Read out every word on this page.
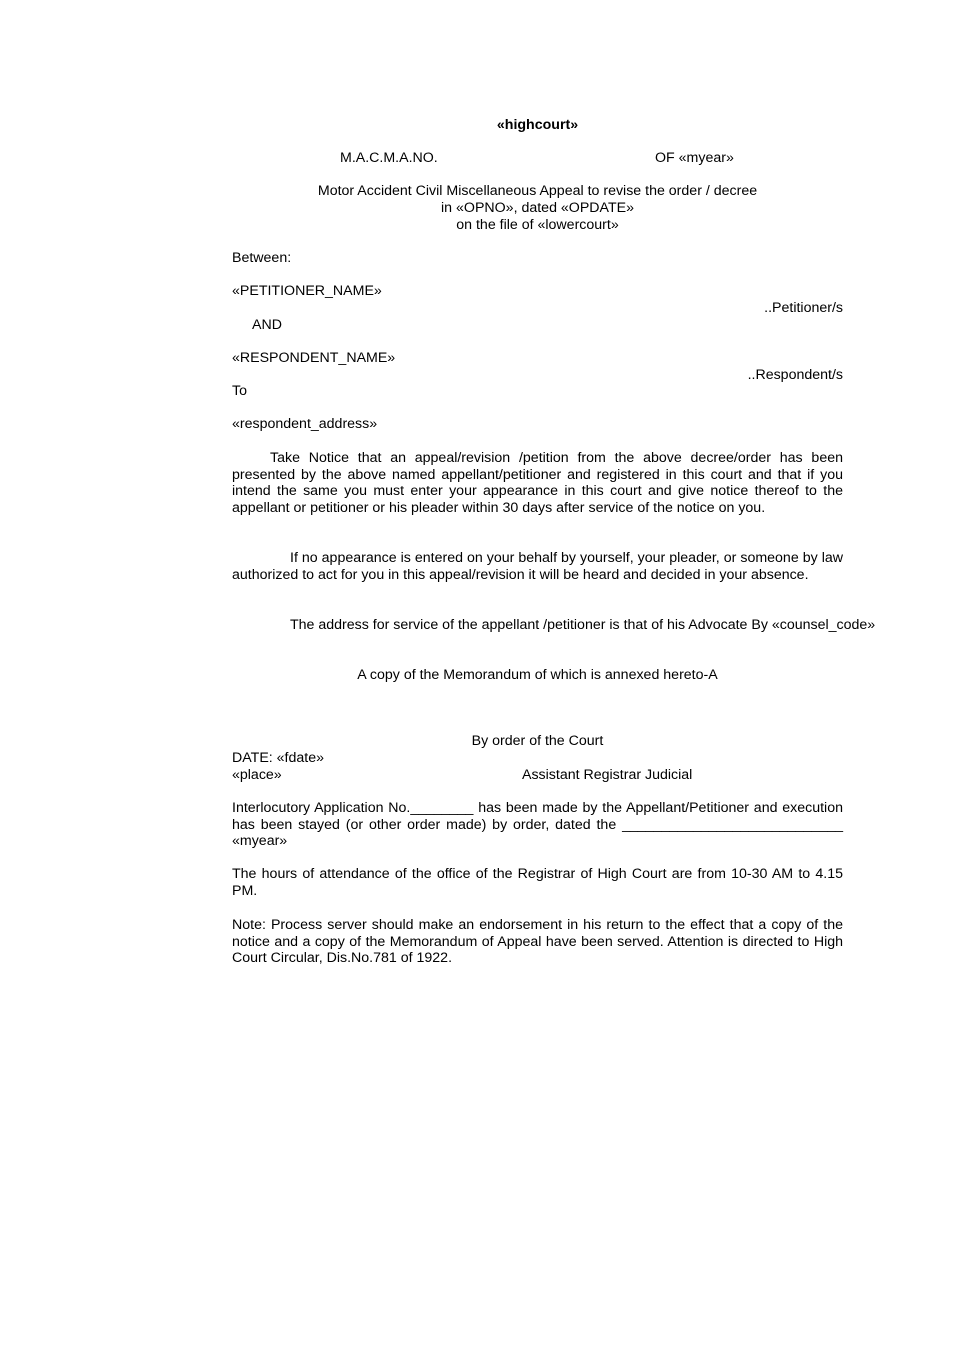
«highcourt»
M.A.C.M.A.NO.	OF «myear»
Motor Accident Civil Miscellaneous Appeal to revise the order / decree
in «OPNO», dated «OPDATE»
on the file of «lowercourt»
Between:
«PETITIONER_NAME»
..Petitioner/s
AND
«RESPONDENT_NAME»
..Respondent/s
To
«respondent_address»
Take Notice that an appeal/revision /petition from the above decree/order has been presented by the above named appellant/petitioner and registered in this court and that if you intend the same you must enter your appearance in this court and give notice thereof to the appellant or petitioner or his pleader within 30 days after service of the notice on you.
If no appearance is entered on your behalf by yourself, your pleader, or someone by law authorized to act for you in this appeal/revision it will be heard and decided in your absence.
The address for service of the appellant /petitioner is that of his Advocate By «counsel_code»
A copy of the Memorandum of which is annexed hereto-A
By order of the Court
DATE: «fdate»
«place»	Assistant Registrar Judicial
Interlocutory Application No.________ has been made by the Appellant/Petitioner and execution has been stayed (or other order made) by order, dated the ____________________________ «myear»
The hours of attendance of the office of the Registrar of High Court are from 10-30 AM to 4.15 PM.
Note: Process server should make an endorsement in his return to the effect that a copy of the notice and a copy of the Memorandum of Appeal have been served. Attention is directed to High Court Circular, Dis.No.781 of 1922.
